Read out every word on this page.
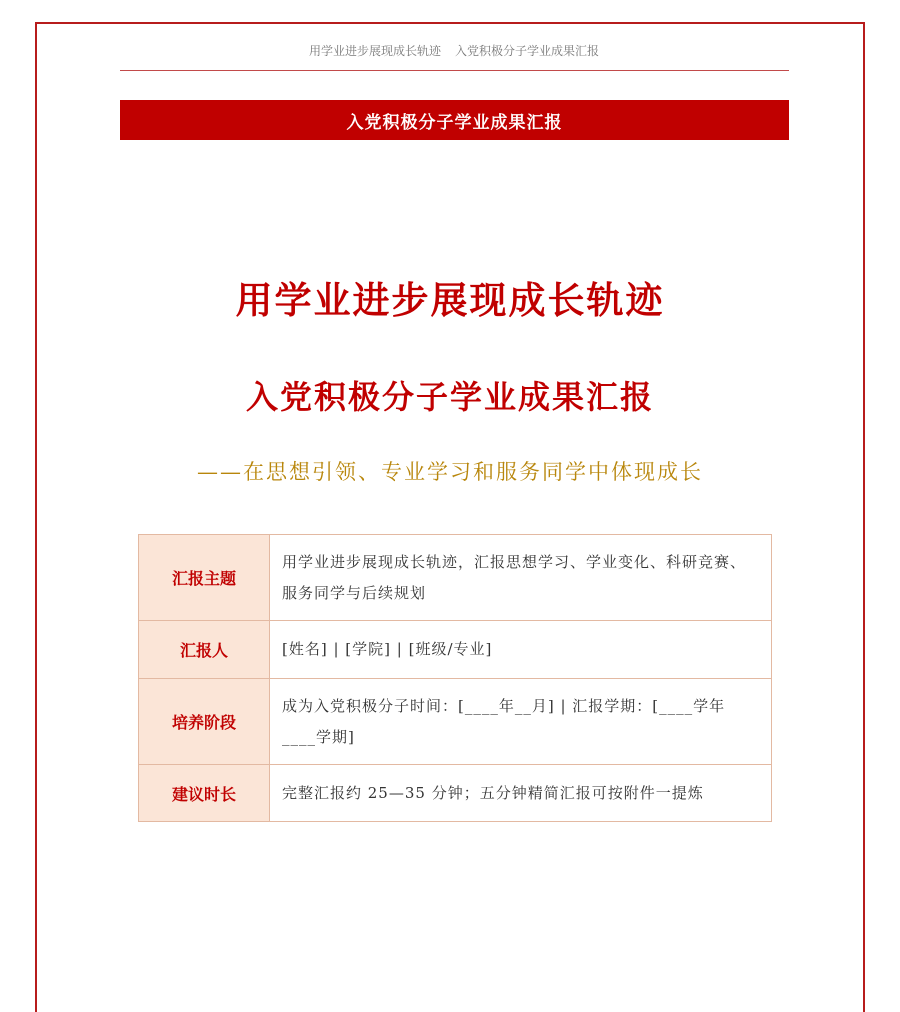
用学业进步展现成长轨迹 入党积极分子学业成果汇报
入党积极分子学业成果汇报
用学业进步展现成长轨迹
入党积极分子学业成果汇报
——在思想引领、专业学习和服务同学中体现成长
汇报主题	用学业进步展现成长轨迹，汇报思想学习、学业变化、科研竞赛、服务同学与后续规划
汇报人	[姓名] | [学院] | [班级/专业]
培养阶段	成为入党积极分子时间：[____年__月] | 汇报学期：[____学年____学期]
建议时长	完整汇报约 25—35 分钟；五分钟精简汇报可按附件一提炼
